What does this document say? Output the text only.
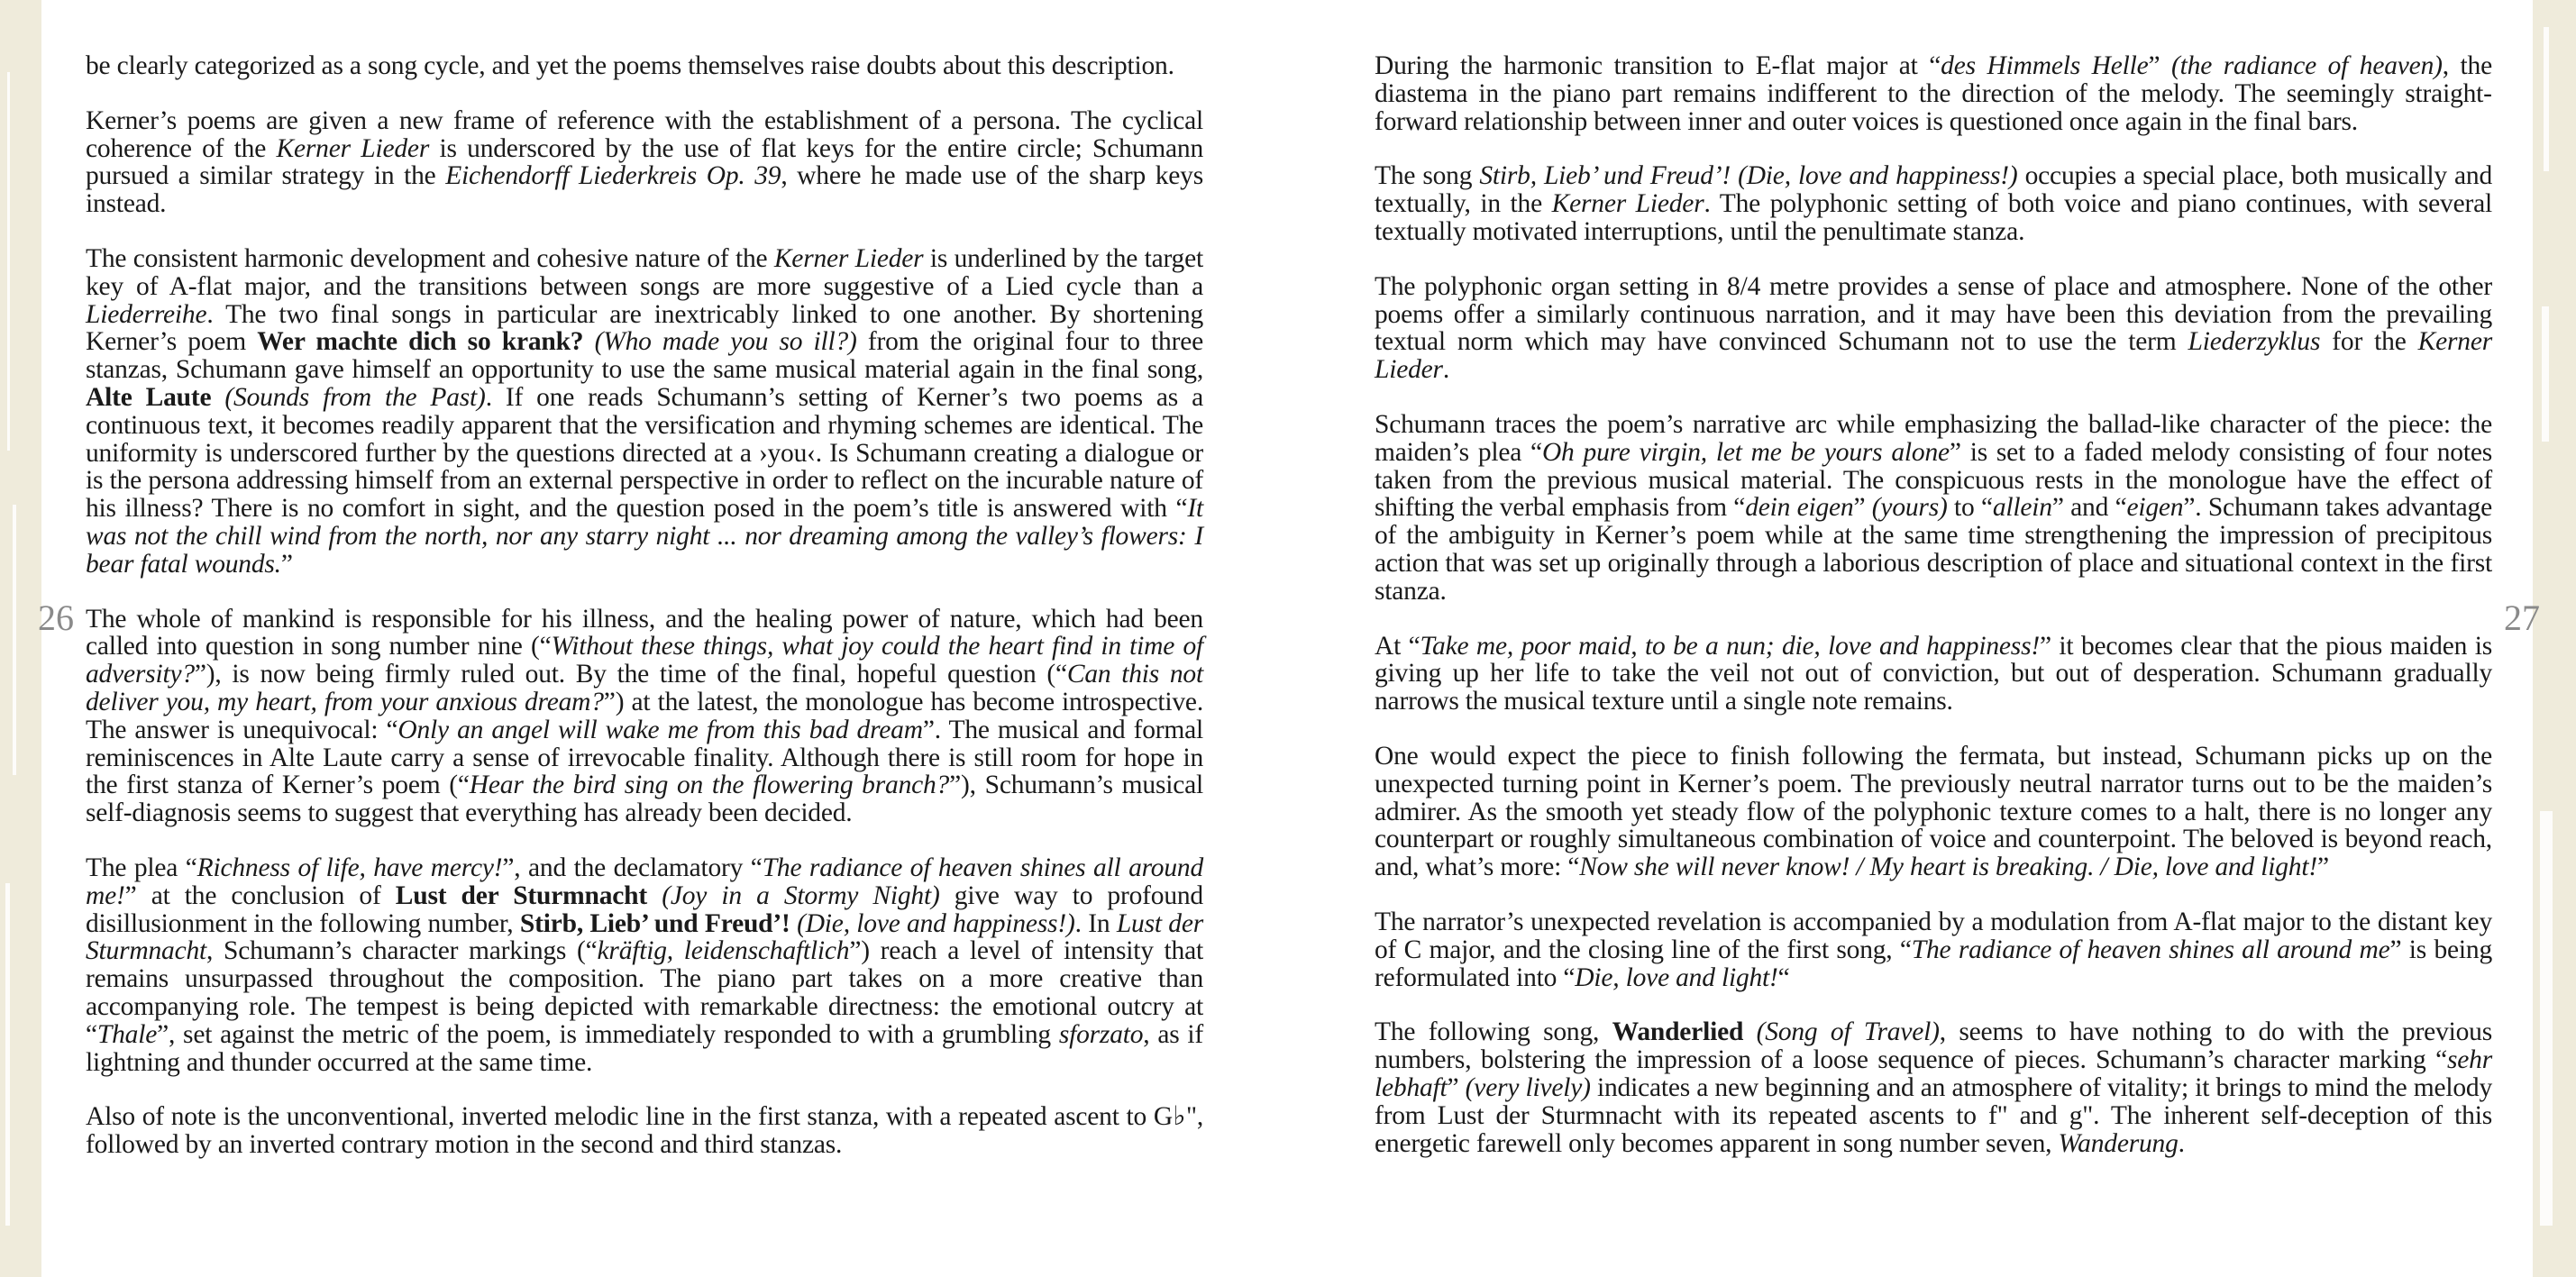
be clearly categorized as a song cycle, and yet the poems themselves raise doubts about this description.

Kerner’s poems are given a new frame of reference with the establishment of a persona. The cyclical coherence of the Kerner Lieder is underscored by the use of flat keys for the entire circle; Schumann pursued a similar strategy in the Eichendorff Liederkreis Op. 39, where he made use of the sharp keys instead.

The consistent harmonic development and cohesive nature of the Kerner Lieder is underlined by the target key of A-flat major, and the transitions between songs are more suggestive of a Lied cycle than a Liederreihe. The two final songs in particular are inextricably linked to one another. By shortening Kerner’s poem Wer machte dich so krank? (Who made you so ill?) from the original four to three stanzas, Schumann gave himself an opportunity to use the same musical material again in the final song, Alte Laute (Sounds from the Past). If one reads Schumann’s setting of Kerner’s two poems as a continuous text, it becomes readily apparent that the versification and rhyming schemes are identical. The uniformity is underscored further by the questions directed at a ›you‹. Is Schumann creating a dialogue or is the persona addressing himself from an external perspective in order to reflect on the incurable nature of his illness? There is no comfort in sight, and the question posed in the poem’s title is answered with “It was not the chill wind from the north, nor any starry night ... nor dreaming among the valley’s flowers: I bear fatal wounds.”

The whole of mankind is responsible for his illness, and the healing power of nature, which had been called into question in song number nine (“Without these things, what joy could the heart find in time of adversity?”), is now being firmly ruled out. By the time of the final, hopeful question (“Can this not deliver you, my heart, from your anxious dream?”) at the latest, the monologue has become introspective. The answer is unequivocal: “Only an angel will wake me from this bad dream”. The musical and formal reminiscences in Alte Laute carry a sense of irrevocable finality. Although there is still room for hope in the first stanza of Kerner’s poem (“Hear the bird sing on the flowering branch?”), Schumann’s musical self-diagnosis seems to suggest that everything has already been decided.

The plea “Richness of life, have mercy!”, and the declamatory “The radiance of heaven shines all around me!” at the conclusion of Lust der Sturmnacht (Joy in a Stormy Night) give way to profound disillusionment in the following number, Stirb, Lieb’ und Freud’! (Die, love and happiness!). In Lust der Sturmnacht, Schumann’s character markings (“kräftig, leidenschaftlich”) reach a level of intensity that remains unsurpassed throughout the composition. The piano part takes on a more creative than accompanying role. The tempest is being depicted with remarkable directness: the emotional outcry at “Thale”, set against the metric of the poem, is immediately responded to with a grumbling sforzato, as if lightning and thunder occurred at the same time.

Also of note is the unconventional, inverted melodic line in the first stanza, with a repeated ascent to G♭", followed by an inverted contrary motion in the second and third stanzas.

During the harmonic transition to E-flat major at “des Himmels Helle” (the radiance of heaven), the diastema in the piano part remains indifferent to the direction of the melody. The seemingly straightforward relationship between inner and outer voices is questioned once again in the final bars.

The song Stirb, Lieb’ und Freud’! (Die, love and happiness!) occupies a special place, both musically and textually, in the Kerner Lieder. The polyphonic setting of both voice and piano continues, with several textually motivated interruptions, until the penultimate stanza.

The polyphonic organ setting in 8/4 metre provides a sense of place and atmosphere. None of the other poems offer a similarly continuous narration, and it may have been this deviation from the prevailing textual norm which may have convinced Schumann not to use the term Liederzyklus for the Kerner Lieder.

Schumann traces the poem’s narrative arc while emphasizing the ballad-like character of the piece: the maiden’s plea “Oh pure virgin, let me be yours alone” is set to a faded melody consisting of four notes taken from the previous musical material. The conspicuous rests in the monologue have the effect of shifting the verbal emphasis from “dein eigen” (yours) to “allein” and “eigen”. Schumann takes advantage of the ambiguity in Kerner’s poem while at the same time strengthening the impression of precipitous action that was set up originally through a laborious description of place and situational context in the first stanza.

At “Take me, poor maid, to be a nun; die, love and happiness!” it becomes clear that the pious maiden is giving up her life to take the veil not out of conviction, but out of desperation. Schumann gradually narrows the musical texture until a single note remains.

One would expect the piece to finish following the fermata, but instead, Schumann picks up on the unexpected turning point in Kerner’s poem. The previously neutral narrator turns out to be the maiden’s admirer. As the smooth yet steady flow of the polyphonic texture comes to a halt, there is no longer any counterpart or roughly simultaneous combination of voice and counterpoint. The beloved is beyond reach, and, what’s more: “Now she will never know! / My heart is breaking. / Die, love and light!”

The narrator’s unexpected revelation is accompanied by a modulation from A-flat major to the distant key of C major, and the closing line of the first song, “The radiance of heaven shines all around me” is being reformulated into “Die, love and light!“

The following song, Wanderlied (Song of Travel), seems to have nothing to do with the previous numbers, bolstering the impression of a loose sequence of pieces. Schumann’s character marking “sehr lebhaft” (very lively) indicates a new beginning and an atmosphere of vitality; it brings to mind the melody from Lust der Sturmnacht with its repeated ascents to f" and g". The inherent self-deception of this energetic farewell only becomes apparent in song number seven, Wanderung.

26	27
